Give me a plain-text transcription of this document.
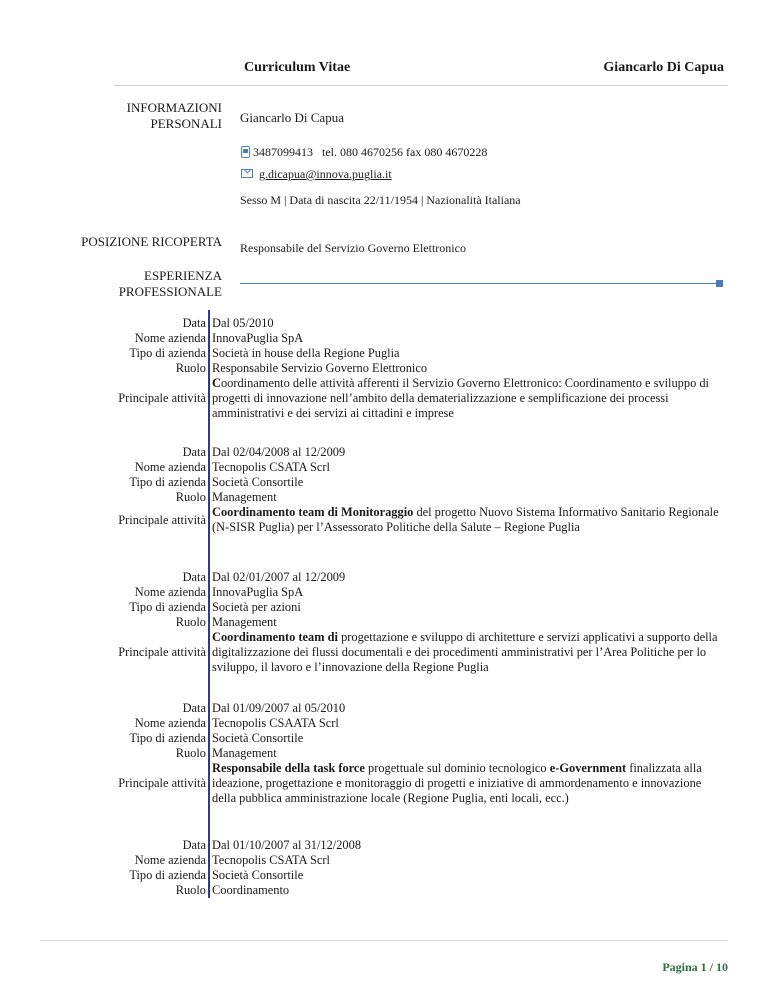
Curriculum Vitae	Giancarlo Di Capua
INFORMAZIONI
PERSONALI Giancarlo Di Capua
3487099413 tel. 080 4670256 fax 080 4670228
g.dicapua@innova.puglia.it
Sesso M | Data di nascita 22/11/1954 | Nazionalità Italiana
POSIZIONE RICOPERTA Responsabile del Servizio Governo Elettronico
ESPERIENZA
PROFESSIONALE
Data Dal 05/2010
Nome azienda InnovaPuglia SpA
Tipo di azienda Società in house della Regione Puglia
Ruolo Responsabile Servizio Governo Elettronico
Principale attività
Coordinamento delle attività afferenti il Servizio Governo Elettronico: Coordinamento e sviluppo di progetti di innovazione nell’ambito della dematerializzazione e semplificazione dei processi amministrativi e dei servizi ai cittadini e imprese
Data Dal 02/04/2008 al 12/2009
Nome azienda Tecnopolis CSATA Scrl
Tipo di azienda Società Consortile
Ruolo Management
Principale attività
Coordinamento team di Monitoraggio del progetto Nuovo Sistema Informativo Sanitario Regionale (N-SISR Puglia) per l’Assessorato Politiche della Salute – Regione Puglia
Data Dal 02/01/2007 al 12/2009
Nome azienda InnovaPuglia SpA
Tipo di azienda Società per azioni
Ruolo Management
Principale attività
Coordinamento team di progettazione e sviluppo di architetture e servizi applicativi a supporto della digitalizzazione dei flussi documentali e dei procedimenti amministrativi per l’Area Politiche per lo sviluppo, il lavoro e l’innovazione della Regione Puglia
Data Dal 01/09/2007 al 05/2010
Nome azienda Tecnopolis CSAATA Scrl
Tipo di azienda Società Consortile
Ruolo Management
Principale attività
Responsabile della task force progettuale sul dominio tecnologico e-Government finalizzata alla ideazione, progettazione e monitoraggio di progetti e iniziative di ammordenamento e innovazione della pubblica amministrazione locale (Regione Puglia, enti locali, ecc.)
Data Dal 01/10/2007 al 31/12/2008
Nome azienda Tecnopolis CSATA Scrl
Tipo di azienda Società Consortile
Ruolo Coordinamento
Pagina 1 / 10
